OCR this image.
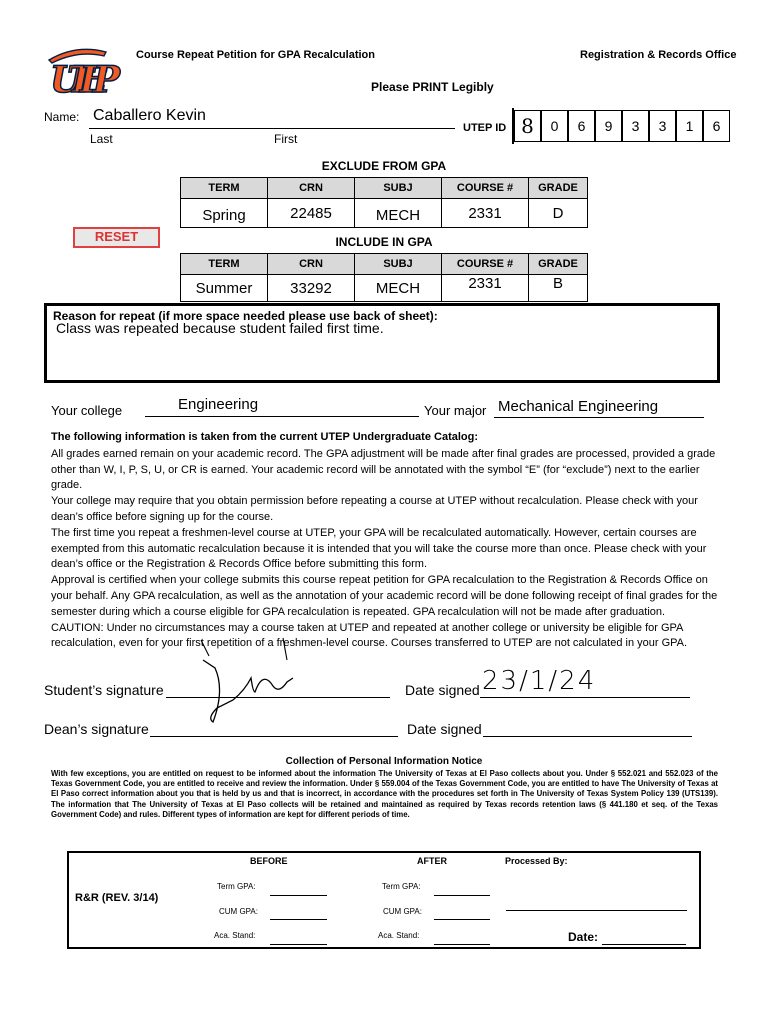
UTEP
Course Repeat Petition for GPA Recalculation	Registration & Records Office
Please PRINT Legibly
Name: Caballero Kevin
Last	First
UTEP ID 8	0	6	9	3	3	1	6
EXCLUDE FROM GPA
TERM	CRN	SUBJ	COURSE #	GRADE
Spring	22485	MECH	2331	D
RESET	INCLUDE IN GPA
TERM	CRN	SUBJ	COURSE #	GRADE
Summer	33292	MECH	2331	B
Reason for repeat (if more space needed please use back of sheet):
Class was repeated because student failed first time.
Your college	Engineering	Your major Mechanical Engineering

The following information is taken from the current UTEP Undergraduate Catalog:

All grades earned remain on your academic record. The GPA adjustment will be made after final grades are processed, provided a grade other than W, I, P, S, U, or CR is earned. Your academic record will be annotated with the symbol “E” (for “exclude”) next to the earlier grade.

Your college may require that you obtain permission before repeating a course at UTEP without recalculation. Please check with your dean’s office before signing up for the course.

The first time you repeat a freshmen-level course at UTEP, your GPA will be recalculated automatically. However, certain courses are exempted from this automatic recalculation because it is intended that you will take the course more than once. Please check with your dean’s office or the Registration & Records Office before submitting this form.

Approval is certified when your college submits this course repeat petition for GPA recalculation to the Registration & Records Office on your behalf. Any GPA recalculation, as well as the annotation of your academic record will be done following receipt of final grades for the semester during which a course eligible for GPA recalculation is repeated. GPA recalculation will not be made after graduation.

CAUTION: Under no circumstances may a course taken at UTEP and repeated at another college or university be eligible for GPA recalculation, even for your first repetition of a freshmen-level course. Courses transferred to UTEP are not calculated in your GPA.

Student’s signature	Date signed 23/1/24
Dean’s signature	Date signed
Collection of Personal Information Notice
With few exceptions, you are entitled on request to be informed about the information The University of Texas at El Paso collects about you. Under § 552.021 and 552.023 of the Texas Government Code, you are entitled to receive and review the information. Under § 559.004 of the Texas Government Code, you are entitled to have The University of Texas at El Paso correct information about you that is held by us and that is incorrect, in accordance with the procedures set forth in The University of Texas System Policy 139 (UTS139). The information that The University of Texas at El Paso collects will be retained and maintained as required by Texas records retention laws (§ 441.180 et seq. of the Texas Government Code) and rules. Different types of information are kept for different periods of time.
R&R (REV. 3/14)
BEFORE	AFTER	Processed By:
Term GPA:
CUM GPA:
Aca. Stand:
Term GPA:
CUM GPA:
Aca. Stand:	Date:
